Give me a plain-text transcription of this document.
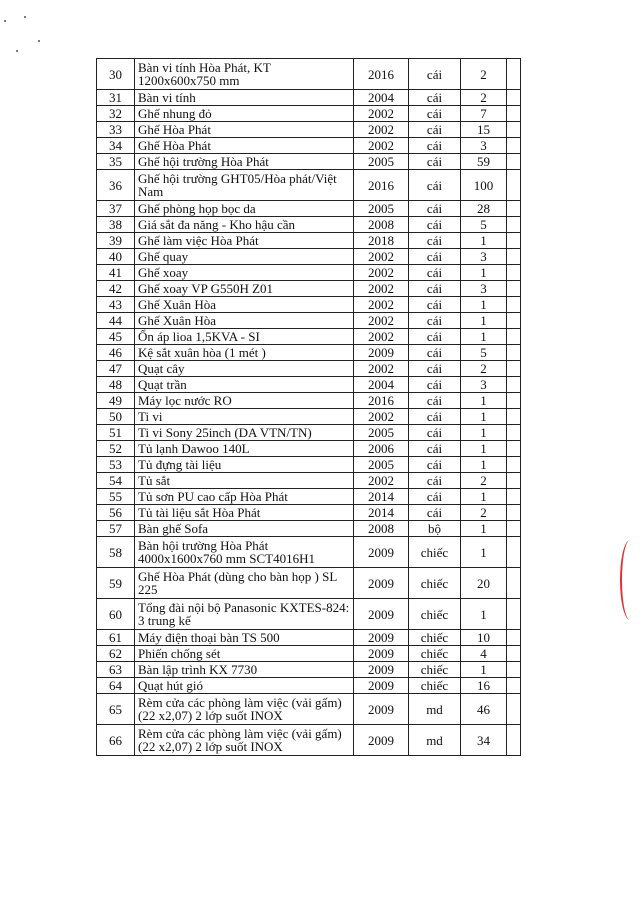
30	Bàn vi tính Hòa Phát, KT 1200x600x750 mm	2016	cái	2	
31	Bàn vi tính	2004	cái	2	
32	Ghế nhung đỏ	2002	cái	7	
33	Ghế Hòa Phát	2002	cái	15	
34	Ghế Hòa Phát	2002	cái	3	
35	Ghế hội trường Hòa Phát	2005	cái	59	
36	Ghế hội trường GHT05/Hòa phát/Việt Nam	2016	cái	100	
37	Ghế phòng họp bọc da	2005	cái	28	
38	Giá sắt đa năng - Kho hậu cần	2008	cái	5	
39	Ghế làm việc Hòa Phát	2018	cái	1	
40	Ghế quay	2002	cái	3	
41	Ghế xoay	2002	cái	1	
42	Ghế xoay VP G550H Z01	2002	cái	3	
43	Ghế Xuân Hòa	2002	cái	1	
44	Ghế Xuân Hòa	2002	cái	1	
45	Ổn áp lioa 1,5KVA - SI	2002	cái	1	
46	Kệ sắt xuân hòa (1 mét )	2009	cái	5	
47	Quạt cây	2002	cái	2	
48	Quạt trần	2004	cái	3	
49	Máy lọc nước RO	2016	cái	1	
50	Ti vi	2002	cái	1	
51	Ti vi Sony 25inch (DA VTN/TN)	2005	cái	1	
52	Tủ lạnh Dawoo 140L	2006	cái	1	
53	Tủ đựng tài liệu	2005	cái	1	
54	Tủ sắt	2002	cái	2	
55	Tủ sơn PU cao cấp Hòa Phát	2014	cái	1	
56	Tủ tài liệu sắt Hòa Phát	2014	cái	2	
57	Bàn ghế Sofa	2008	bộ	1	
58	Bàn hội trường Hòa Phát 4000x1600x760 mm SCT4016H1	2009	chiếc	1	
59	Ghế Hòa Phát (dùng cho bàn họp ) SL 225	2009	chiếc	20	
60	Tổng đài nội bộ Panasonic KXTES-824: 3 trung kế	2009	chiếc	1	
61	Máy điện thoại bàn TS 500	2009	chiếc	10	
62	Phiến chống sét	2009	chiếc	4	
63	Bàn lập trình KX 7730	2009	chiếc	1	
64	Quạt hút gió	2009	chiếc	16	
65	Rèm cửa các phòng làm việc (vải gấm) (22 x2,07) 2 lớp suốt INOX	2009	md	46	
66	Rèm cửa các phòng làm việc (vải gấm) (22 x2,07) 2 lớp suốt INOX	2009	md	34	
